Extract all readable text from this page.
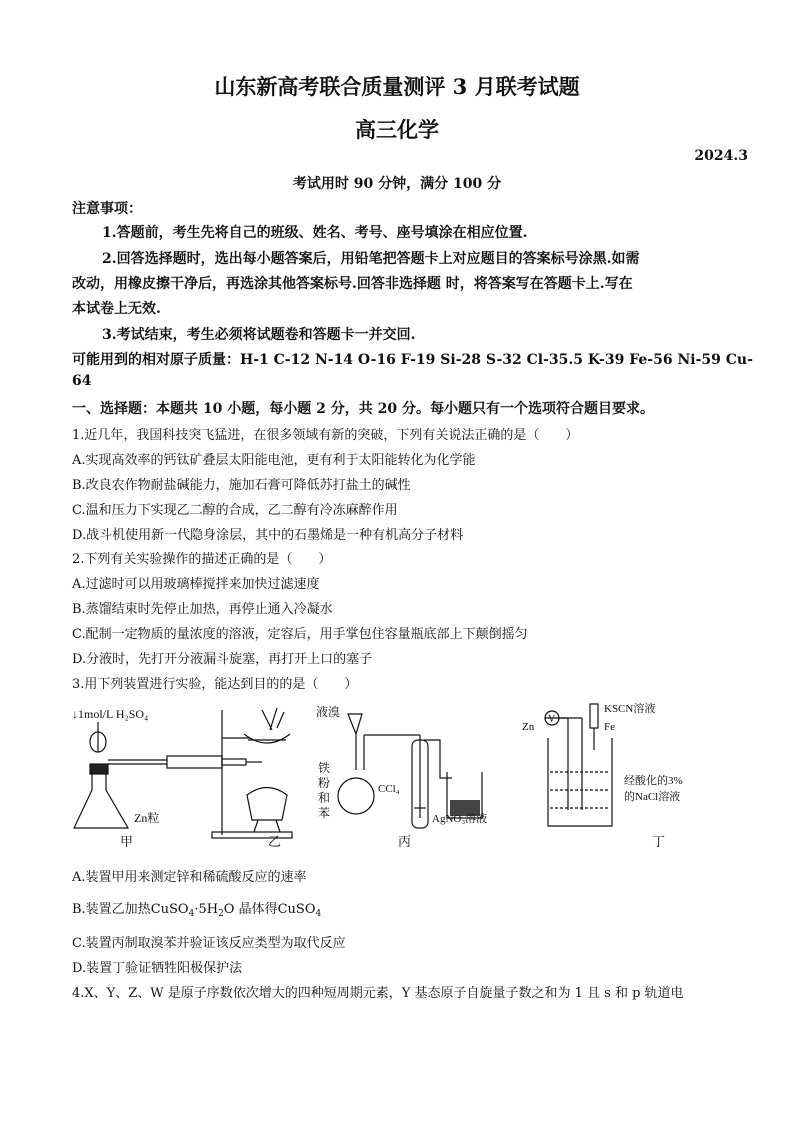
山东新高考联合质量测评 3 月联考试题
高三化学
2024.3
考试用时 90 分钟，满分 100 分
注意事项：
1.答题前，考生先将自己的班级、姓名、考号、座号填涂在相应位置.
2.回答选择题时，选出每小题答案后，用铅笔把答题卡上对应题目的答案标号涂黑.如需
改动，用橡皮擦干净后，再选涂其他答案标号.回答非选择题 时，将答案写在答题卡上.写在
本试卷上无效.
3.考试结束，考生必须将试题卷和答题卡一并交回.
可能用到的相对原子质量：H-1 C-12 N-14 O-16 F-19 Si-28 S-32 Cl-35.5 K-39 Fe-56 Ni-59 Cu-
64
一、选择题：本题共 10 小题，每小题 2 分，共 20 分。每小题只有一个选项符合题目要求。
1.近几年，我国科技突飞猛进，在很多领域有新的突破，下列有关说法正确的是（　　）
A.实现高效率的钙钛矿叠层太阳能电池，更有利于太阳能转化为化学能
B.改良农作物耐盐碱能力，施加石膏可降低苏打盐土的碱性
C.温和压力下实现乙二醇的合成，乙二醇有冷冻麻醉作用
D.战斗机使用新一代隐身涂层，其中的石墨烯是一种有机高分子材料
2.下列有关实验操作的描述正确的是（　　）
A.过滤时可以用玻璃棒搅拌来加快过滤速度
B.蒸馏结束时先停止加热，再停止通入冷凝水
C.配制一定物质的量浓度的溶液，定容后，用手掌包住容量瓶底部上下颠倒摇匀
D.分液时，先打开分液漏斗旋塞，再打开上口的塞子
3.用下列装置进行实验，能达到目的的是（　　）
↓1mol/L H₂SO₄
Zn粒
甲	乙
液溴
铁
粉
和
苯
CCl₄
AgNO₃溶液
丙
V
KSCN溶液
Fe
Zn
经酸化的3%
的NaCl溶液
丁
A.装置甲用来测定锌和稀硫酸反应的速率
B.装置乙加热$CuSO_4\cdot 5H_2O$ 晶体得CuSO$_4$
C.装置丙制取溴苯并验证该反应类型为取代反应
D.装置丁验证牺牲阳极保护法
4.X、Y、Z、W 是原子序数依次增大的四种短周期元素，Y 基态原子自旋量子数之和为 1 且 s 和 p 轨道电
